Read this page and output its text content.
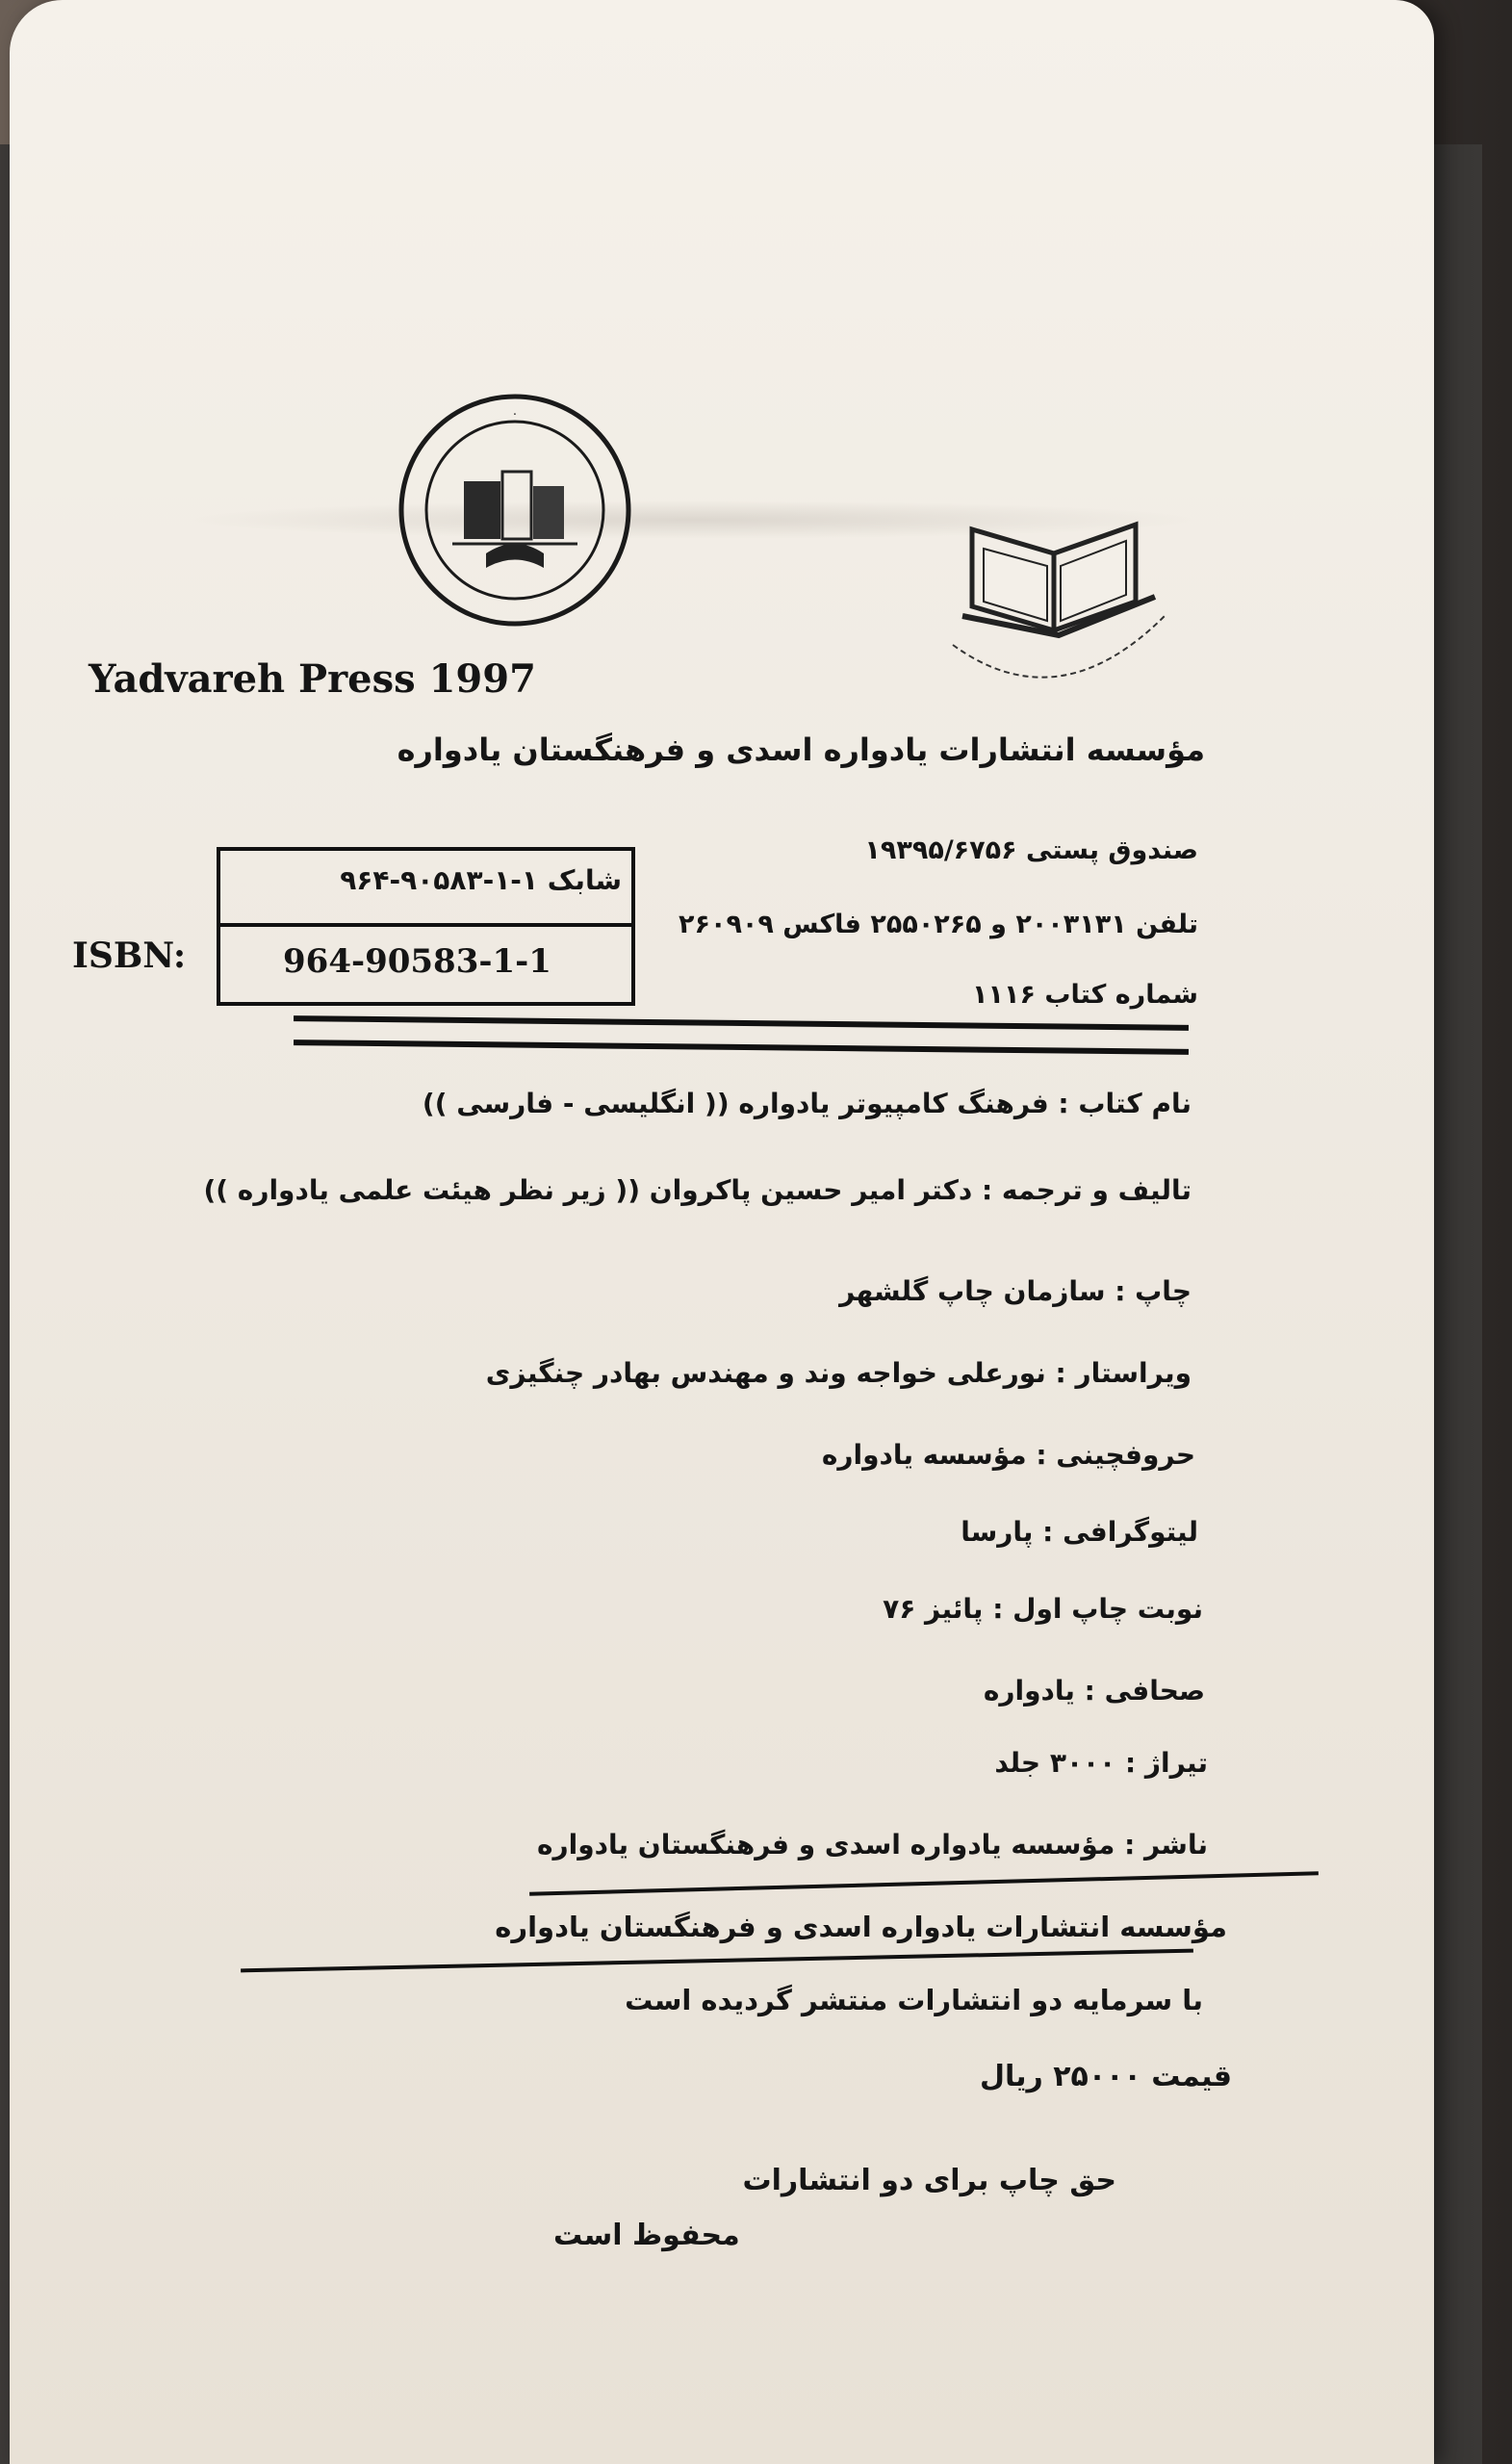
·
Yadvareh Press 1997
مؤسسه انتشارات یادواره اسدی و فرهنگستان یادواره
صندوق پستی ۱۹۳۹۵/۶۷۵۶
تلفن ۲۰۰۳۱۳۱ و ۲۵۵۰۲۶۵ فاکس ۲۶۰۹۰۹
شماره کتاب ۱۱۱۶
شابک ۱-۱-۹۰۵۸۳-۹۶۴
964-90583-1-1
ISBN:
نام کتاب : فرهنگ کامپیوتر یادواره (( انگلیسی - فارسی ))
تالیف و ترجمه : دکتر امیر حسین پاکروان (( زیر نظر هیئت علمی یادواره ))
چاپ : سازمان چاپ گلشهر
ویراستار : نورعلی خواجه وند و مهندس بهادر چنگیزی
حروفچینی : مؤسسه یادواره
لیتوگرافی : پارسا
نوبت چاپ اول : پائیز ۷۶
صحافی : یادواره
تیراژ : ۳۰۰۰ جلد
ناشر : مؤسسه یادواره اسدی و فرهنگستان یادواره
مؤسسه انتشارات یادواره اسدی و فرهنگستان یادواره
با سرمایه دو انتشارات منتشر گردیده است
قیمت ۲۵۰۰۰ ریال
حق چاپ برای دو انتشارات
محفوظ است
